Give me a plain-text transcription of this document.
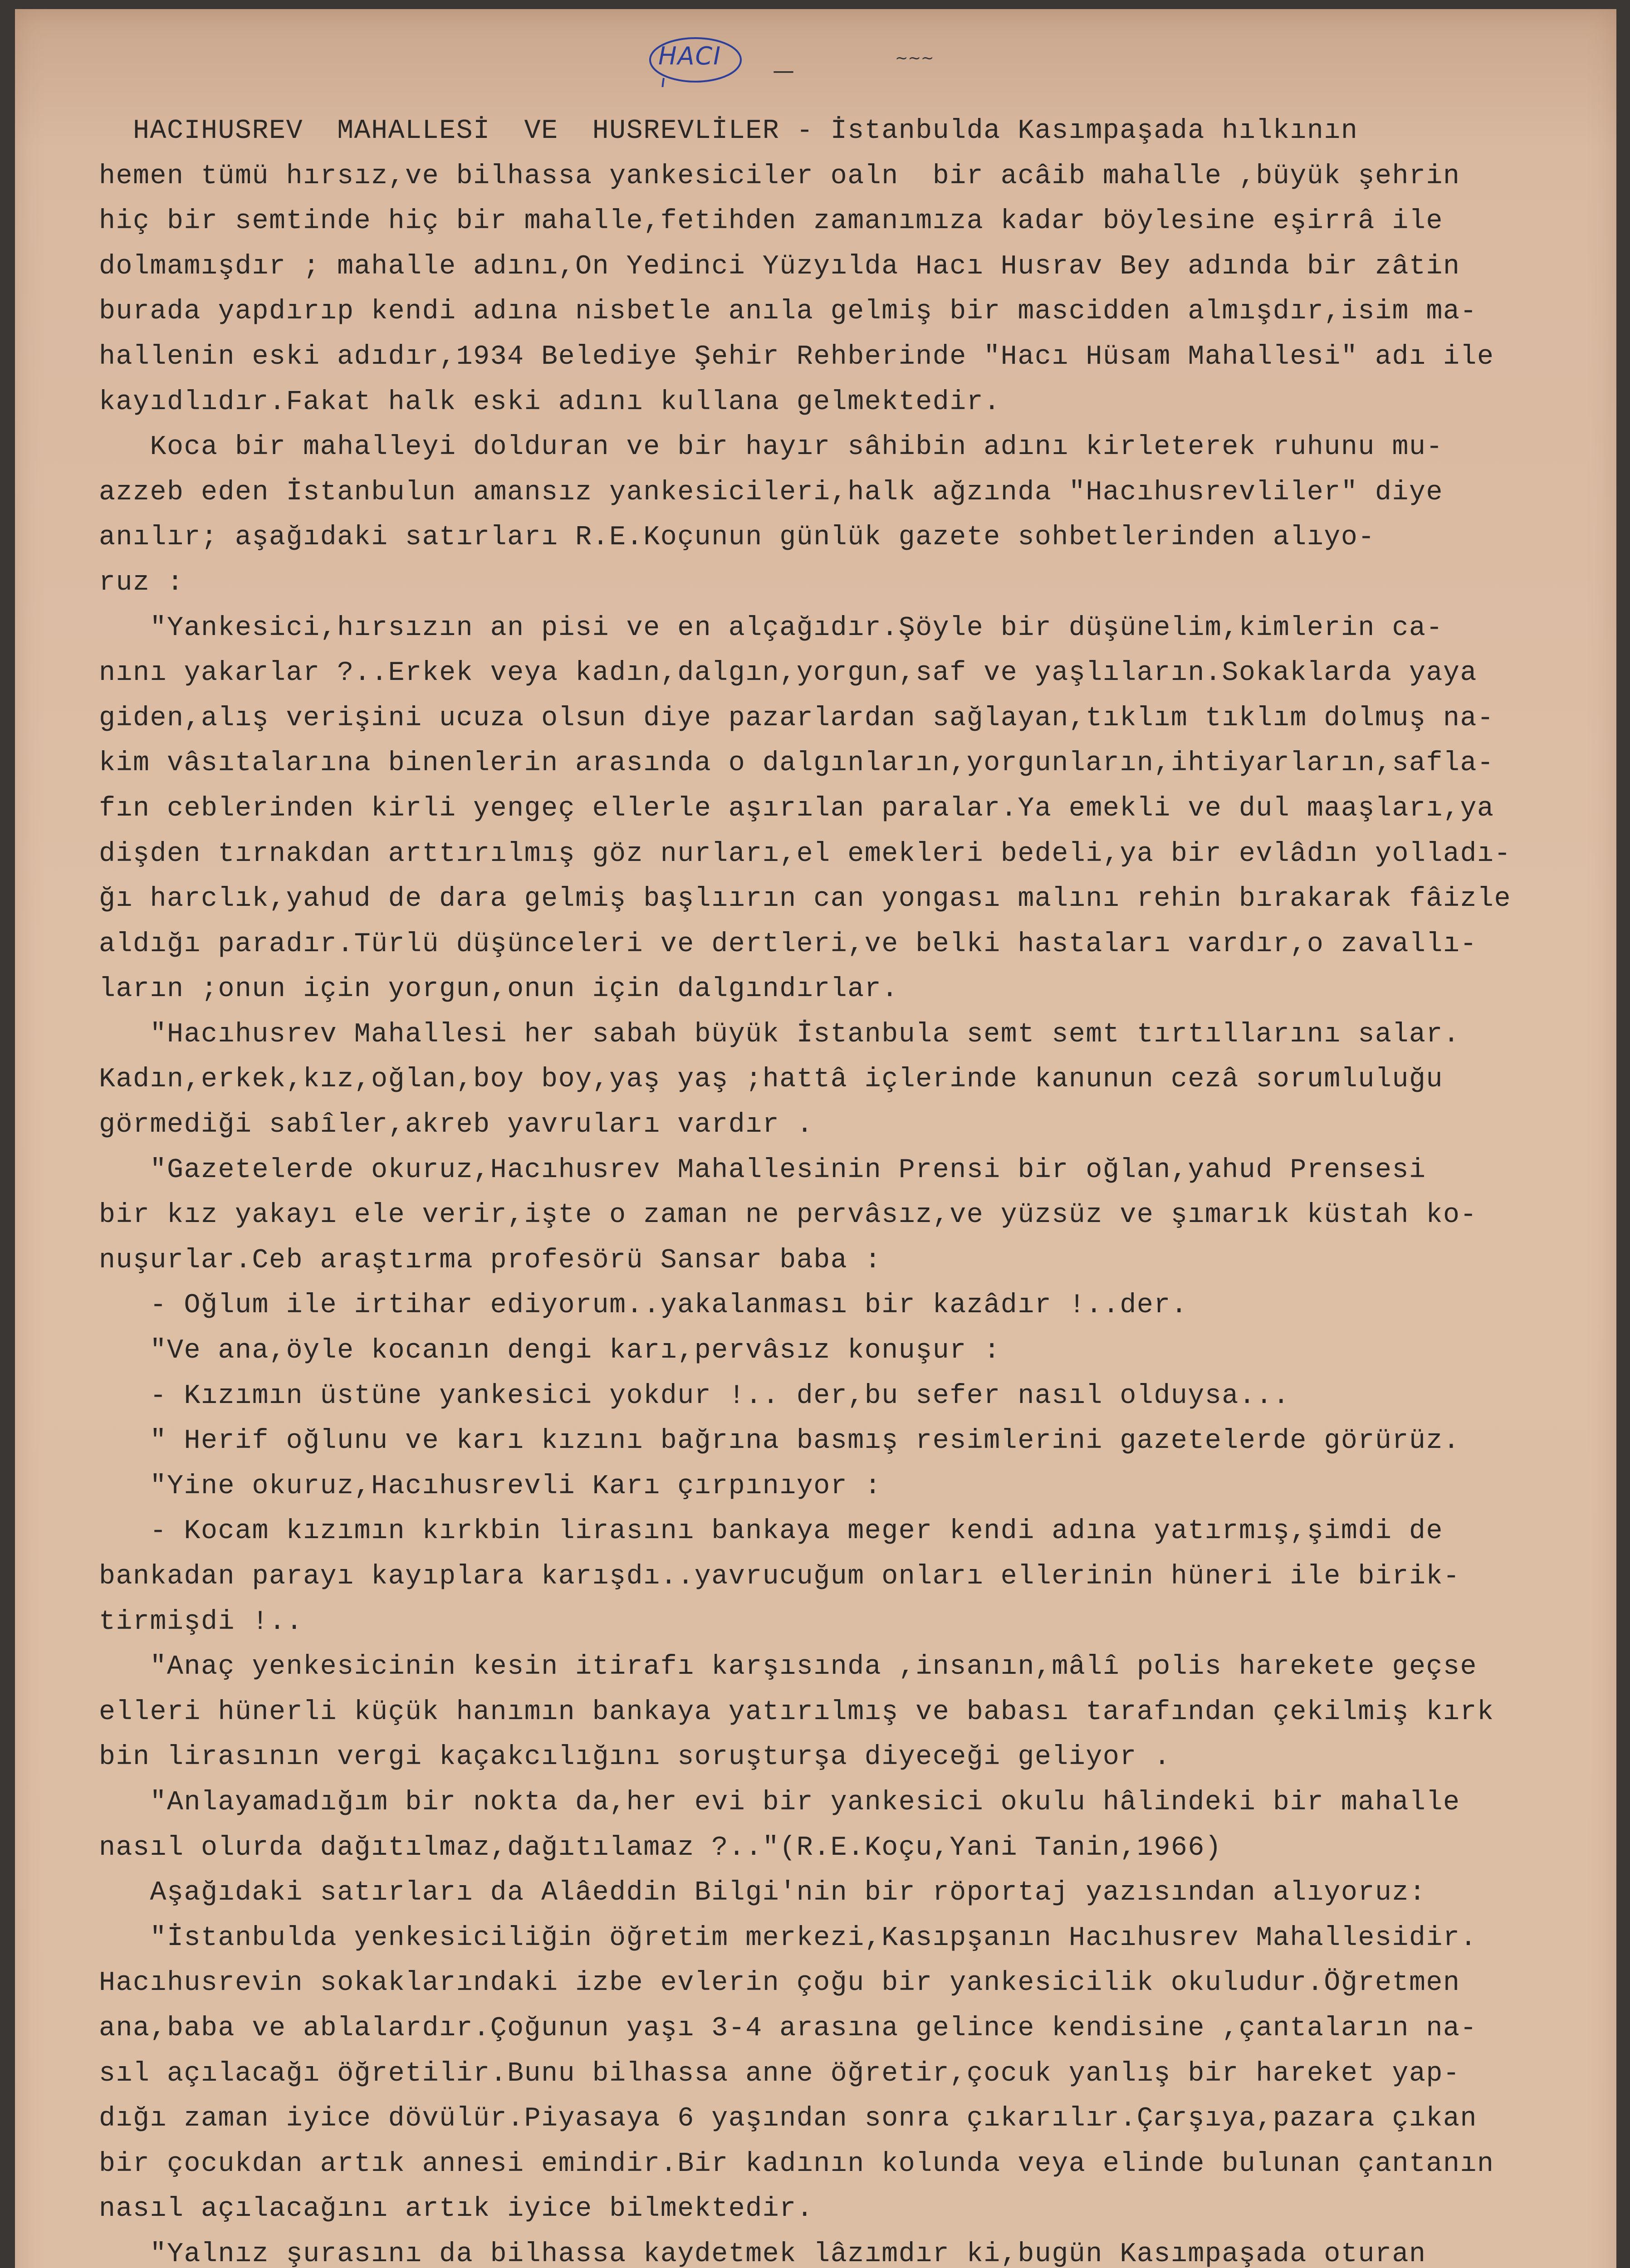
HACI
—	~~~
HACIHUSREV  MAHALLESİ  VE  HUSREVLİLER - İstanbulda Kasımpaşada hılkının
hemen tümü hırsız,ve bilhassa yankesiciler oaln  bir acâib mahalle ,büyük şehrin
hiç bir semtinde hiç bir mahalle,fetihden zamanımıza kadar böylesine eşirrâ ile
dolmamışdır ; mahalle adını,On Yedinci Yüzyılda Hacı Husrav Bey adında bir zâtin
burada yapdırıp kendi adına nisbetle anıla gelmiş bir mascidden almışdır,isim ma-
hallenin eski adıdır,1934 Belediye Şehir Rehberinde "Hacı Hüsam Mahallesi" adı ile
kayıdlıdır.Fakat halk eski adını kullana gelmektedir.
Koca bir mahalleyi dolduran ve bir hayır sâhibin adını kirleterek ruhunu mu-
azzeb eden İstanbulun amansız yankesicileri,halk ağzında "Hacıhusrevliler" diye
anılır; aşağıdaki satırları R.E.Koçunun günlük gazete sohbetlerinden alıyo-
ruz :
"Yankesici,hırsızın an pisi ve en alçağıdır.Şöyle bir düşünelim,kimlerin ca-
nını yakarlar ?..Erkek veya kadın,dalgın,yorgun,saf ve yaşlıların.Sokaklarda yaya
giden,alış verişini ucuza olsun diye pazarlardan sağlayan,tıklım tıklım dolmuş na-
kim vâsıtalarına binenlerin arasında o dalgınların,yorgunların,ihtiyarların,safla-
fın ceblerinden kirli yengeç ellerle aşırılan paralar.Ya emekli ve dul maaşları,ya
dişden tırnakdan arttırılmış göz nurları,el emekleri bedeli,ya bir evlâdın yolladı-
ğı harclık,yahud de dara gelmiş başlıırın can yongası malını rehin bırakarak fâizle
aldığı paradır.Türlü düşünceleri ve dertleri,ve belki hastaları vardır,o zavallı-
ların ;onun için yorgun,onun için dalgındırlar.
"Hacıhusrev Mahallesi her sabah büyük İstanbula semt semt tırtıllarını salar.
Kadın,erkek,kız,oğlan,boy boy,yaş yaş ;hattâ içlerinde kanunun cezâ sorumluluğu
görmediği sabîler,akreb yavruları vardır .
"Gazetelerde okuruz,Hacıhusrev Mahallesinin Prensi bir oğlan,yahud Prensesi
bir kız yakayı ele verir,işte o zaman ne pervâsız,ve yüzsüz ve şımarık küstah ko-
nuşurlar.Ceb araştırma profesörü Sansar baba :
- Oğlum ile irtihar ediyorum..yakalanması bir kazâdır !..der.
"Ve ana,öyle kocanın dengi karı,pervâsız konuşur :
- Kızımın üstüne yankesici yokdur !.. der,bu sefer nasıl olduysa...
" Herif oğlunu ve karı kızını bağrına basmış resimlerini gazetelerde görürüz.
"Yine okuruz,Hacıhusrevli Karı çırpınıyor :
- Kocam kızımın kırkbin lirasını bankaya meger kendi adına yatırmış,şimdi de
bankadan parayı kayıplara karışdı..yavrucuğum onları ellerinin hüneri ile birik-
tirmişdi !..
"Anaç yenkesicinin kesin itirafı karşısında ,insanın,mâlî polis harekete geçse
elleri hünerli küçük hanımın bankaya yatırılmış ve babası tarafından çekilmiş kırk
bin lirasının vergi kaçakcılığını soruşturşa diyeceği geliyor .
"Anlayamadığım bir nokta da,her evi bir yankesici okulu hâlindeki bir mahalle
nasıl olurda dağıtılmaz,dağıtılamaz ?.."(R.E.Koçu,Yani Tanin,1966)
Aşağıdaki satırları da Alâeddin Bilgi'nin bir röportaj yazısından alıyoruz:
"İstanbulda yenkesiciliğin öğretim merkezi,Kasıpşanın Hacıhusrev Mahallesidir.
Hacıhusrevin sokaklarındaki izbe evlerin çoğu bir yankesicilik okuludur.Öğretmen
ana,baba ve ablalardır.Çoğunun yaşı 3-4 arasına gelince kendisine ,çantaların na-
sıl açılacağı öğretilir.Bunu bilhassa anne öğretir,çocuk yanlış bir hareket yap-
dığı zaman iyice dövülür.Piyasaya 6 yaşından sonra çıkarılır.Çarşıya,pazara çıkan
bir çocukdan artık annesi emindir.Bir kadının kolunda veya elinde bulunan çantanın
nasıl açılacağını artık iyice bilmektedir.
"Yalnız şurasını da bilhassa kaydetmek lâzımdır ki,bugün Kasımpaşada oturan
